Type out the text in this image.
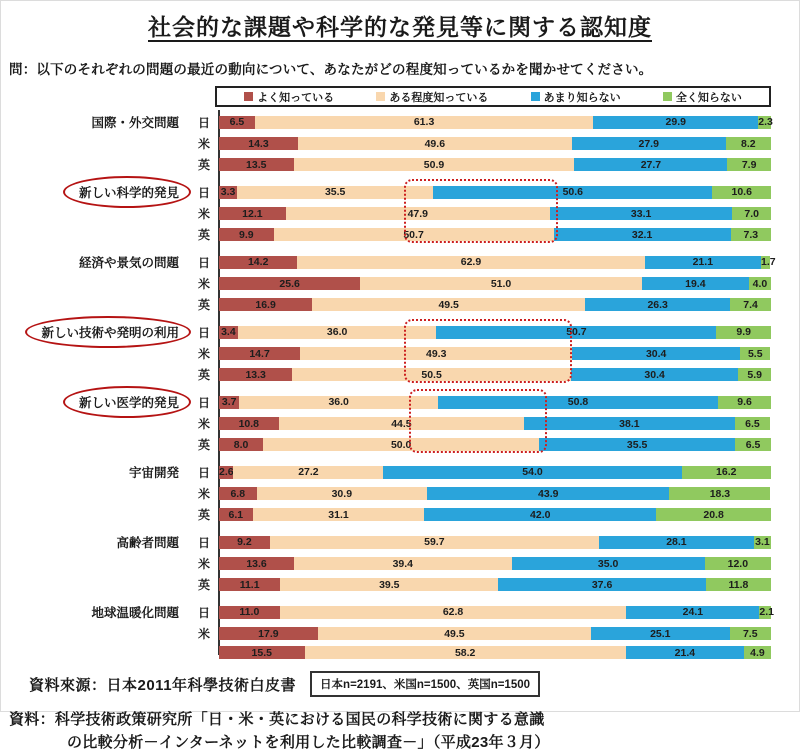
社会的な課題や科学的な発見等に関する認知度
問：以下のそれぞれの問題の最近の動向について、あなたがどの程度知っているかを聞かせてください。
よく知っている	ある程度知っている	あまり知らない	全く知らない
国際・外交問題	日	6.5	61.3	29.9	2.3
米	14.3	49.6	27.9	8.2
英	13.5	50.9	27.7	7.9
新しい科学的発見	日	3.3	35.5	50.6	10.6
米	12.1	47.9	33.1	7.0
英	9.9	50.7	32.1	7.3
経済や景気の問題	日	14.2	62.9	21.1	1.7
米	25.6	51.0	19.4	4.0
英	16.9	49.5	26.3	7.4
新しい技術や発明の利用	日	3.4	36.0	50.7	9.9
米	14.7	49.3	30.4	5.5
英	13.3	50.5	30.4	5.9
新しい医学的発見	日	3.7	36.0	50.8	9.6
米	10.8	44.5	38.1	6.5
英	8.0	50.0	35.5	6.5
宇宙開発	日 2.6	27.2	54.0	16.2
米	6.8	30.9	43.9	18.3
英	6.1	31.1	42.0	20.8
高齢者問題	日	9.2	59.7	28.1	3.1
米	13.6	39.4	35.0	12.0
英	11.1	39.5	37.6	11.8
地球温暖化問題	日	11.0	62.8	24.1	2.1
米	17.9	49.5	25.1	7.5
15.5	58.2	21.4	4.9
資料來源：日本2011年科學技術白皮書	日本n=2191、米国n=1500、英国n=1500
資料：科学技術政策研究所「日・米・英における国民の科学技術に関する意識
の比較分析－インターネットを利用した比較調査－」（平成23年３月）
